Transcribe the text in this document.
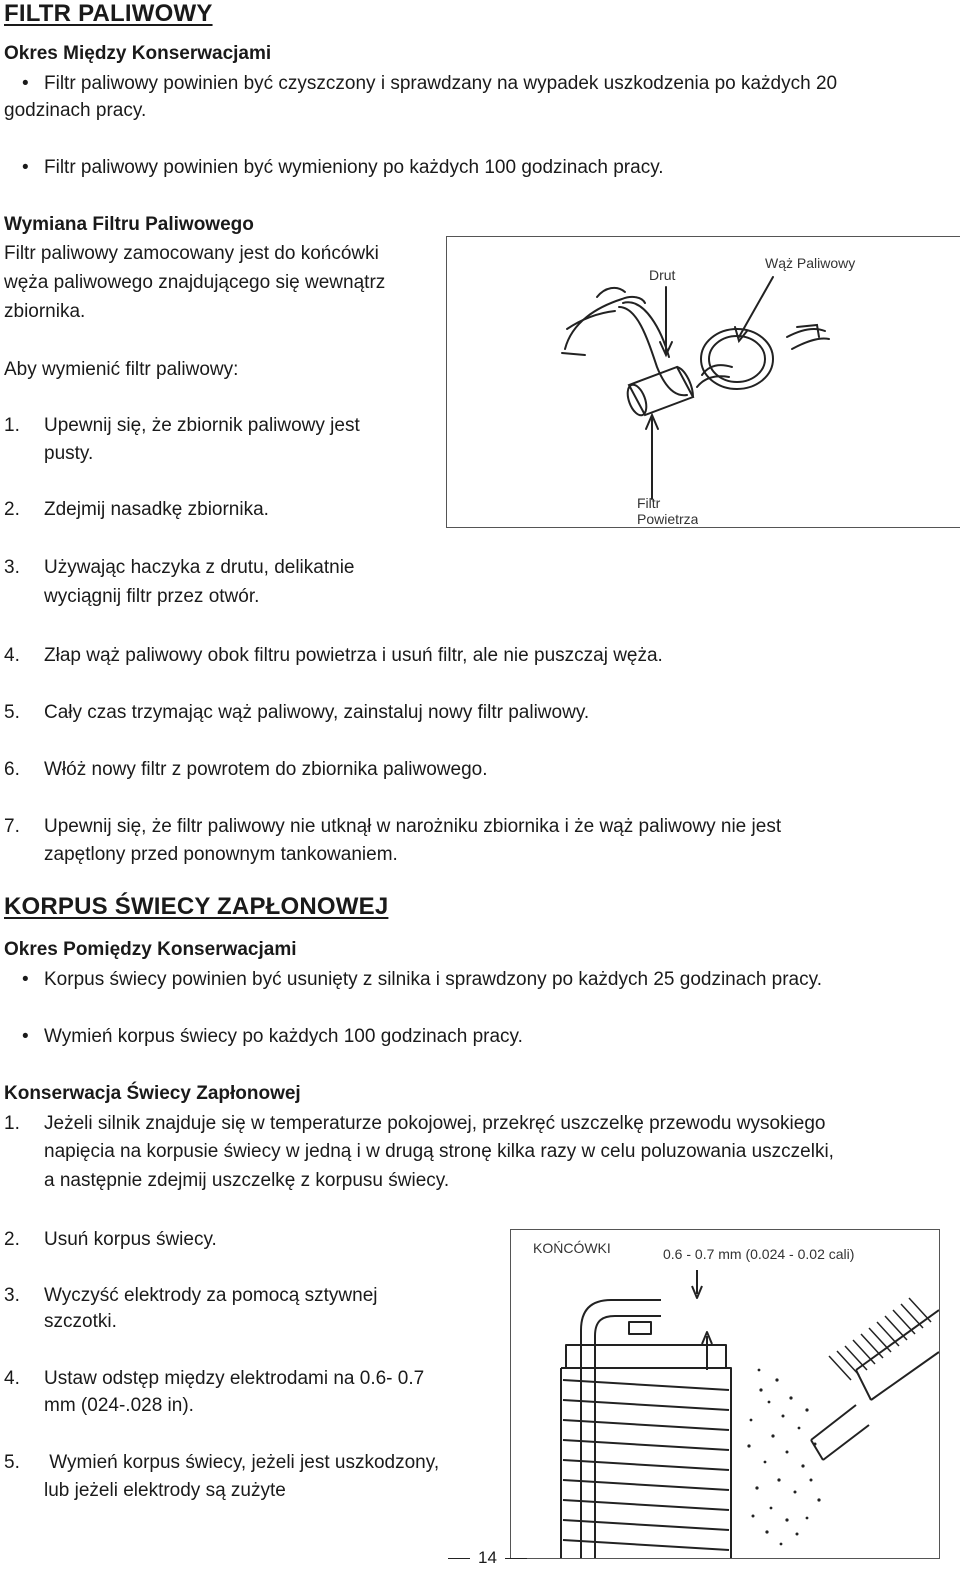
FILTR PALIWOWY
Okres Między Konserwacjami
• Filtr paliwowy powinien być czyszczony i sprawdzany na wypadek uszkodzenia po każdych 20
godzinach pracy.
• Filtr paliwowy powinien być wymieniony po każdych 100 godzinach pracy.
Wymiana Filtru Paliwowego
Filtr paliwowy zamocowany jest do końcówki
węża paliwowego znajdującego się wewnątrz
zbiornika.
Aby wymienić filtr paliwowy:
1. Upewnij się, że zbiornik paliwowy jest
pusty.
2. Zdejmij nasadkę zbiornika.
3. Używając haczyka z drutu, delikatnie
wyciągnij filtr przez otwór.
4. Złap wąż paliwowy obok filtru powietrza i usuń filtr, ale nie puszczaj węża.
5. Cały czas trzymając wąż paliwowy, zainstaluj nowy filtr paliwowy.
6. Włóż nowy filtr z powrotem do zbiornika paliwowego.
7. Upewnij się, że filtr paliwowy nie utknął w narożniku zbiornika i że wąż paliwowy nie jest
zapętlony przed ponownym tankowaniem.
Drut
Wąż Paliwowy
Filtr
Powietrza
KORPUS ŚWIECY ZAPŁONOWEJ
Okres Pomiędzy Konserwacjami
• Korpus świecy powinien być usunięty z silnika i sprawdzony po każdych 25 godzinach pracy.
• Wymień korpus świecy po każdych 100 godzinach pracy.
Konserwacja Świecy Zapłonowej
1. Jeżeli silnik znajduje się w temperaturze pokojowej, przekręć uszczelkę przewodu wysokiego
napięcia na korpusie świecy w jedną i w drugą stronę kilka razy w celu poluzowania uszczelki,
a następnie zdejmij uszczelkę z korpusu świecy.
2. Usuń korpus świecy.
3. Wyczyść elektrody za pomocą sztywnej
szczotki.
4. Ustaw odstęp między elektrodami na 0.6- 0.7
mm (024-.028 in).
5. Wymień korpus świecy, jeżeli jest uszkodzony,
lub jeżeli elektrody są zużyte
KOŃCÓWKI	0.6 - 0.7 mm (0.024 - 0.02 cali)
14
